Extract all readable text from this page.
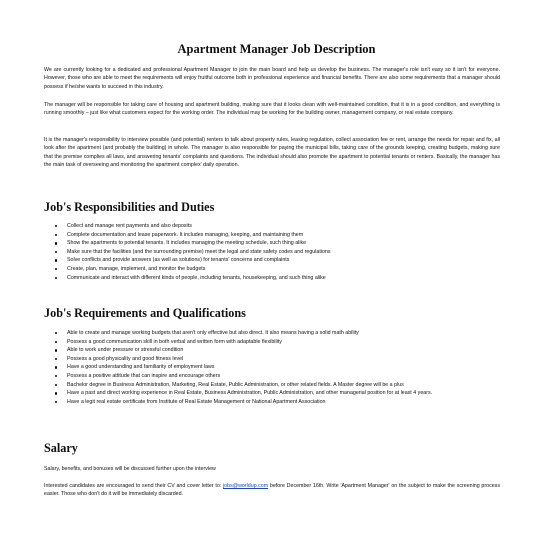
Apartment Manager Job Description

We are currently looking for a dedicated and professional Apartment Manager to join the main board and help us develop the business. The manager's role isn't easy so it isn't for everyone. However, those who are able to meet the requirements will enjoy fruitful outcome both in professional experience and financial benefits. There are also some requirements that a manager should possess if he/she wants to succeed in this industry.

The manager will be responsible for taking care of housing and apartment building, making sure that it looks clean with well-maintained condition, that it is in a good condition, and everything is running smoothly – just like what customers expect for the working order. The individual may be working for the building owner, management company, or real estate company.

It is the manager's responsibility to interview possible (and potential) renters to talk about property rules, leasing regulation, collect association fee or rent, arrange the needs for repair and fix, all look after the apartment (and probably the building) in whole. The manager is also responsible for paying the municipal bills, taking care of the grounds keeping, creating budgets, making sure that the premise complies all laws, and answering tenants' complaints and questions. The individual should also promote the apartment to potential tenants or renters. Basically, the manager has the main task of overseeing and monitoring the apartment complex' daily operation.

Job's Responsibilities and Duties
Collect and manage rent payments and also deposits
Complete documentation and lease paperwork. It includes managing, keeping, and maintaining them
Show the apartments to potential tenants. It includes managing the meeting schedule, such thing alike
Make sure that the facilities (and the surrounding premise) meet the legal and state safety codes and regulations
Solve conflicts and provide answers (as well as solutions) for tenants' concerns and complaints
Create, plan, manage, implement, and monitor the budgets
Communicate and interact with different kinds of people, including tenants, housekeeping, and such thing alike
Job's Requirements and Qualifications
Able to create and manage working budgets that aren't only effective but also direct. It also means having a solid math ability
Possess a good communication skill in both verbal and written form with adaptable flexibility
Able to work under pressure or stressful condition
Possess a good physicality and good fitness level
Have a good understanding and familiarity of employment laws
Possess a positive attitude that can inspire and encourage others
Bachelor degree in Business Administration, Marketing, Real Estate, Public Administration, or other related fields. A Master degree will be a plus
Have a past and direct working experience in Real Estate, Business Administration, Public Administration, and other managerial position for at least 4 years.
Have a legit real estate certificate from Institute of Real Estate Management or National Apartment Association
Salary

Salary, benefits, and bonuses will be discussed further upon the interview

Interested candidates are encouraged to send their CV and cover letter to: jobs@worldup.com before December 16th. Write 'Apartment Manager' on the subject to make the screening process easier. Those who don't do it will be immediately discarded.
